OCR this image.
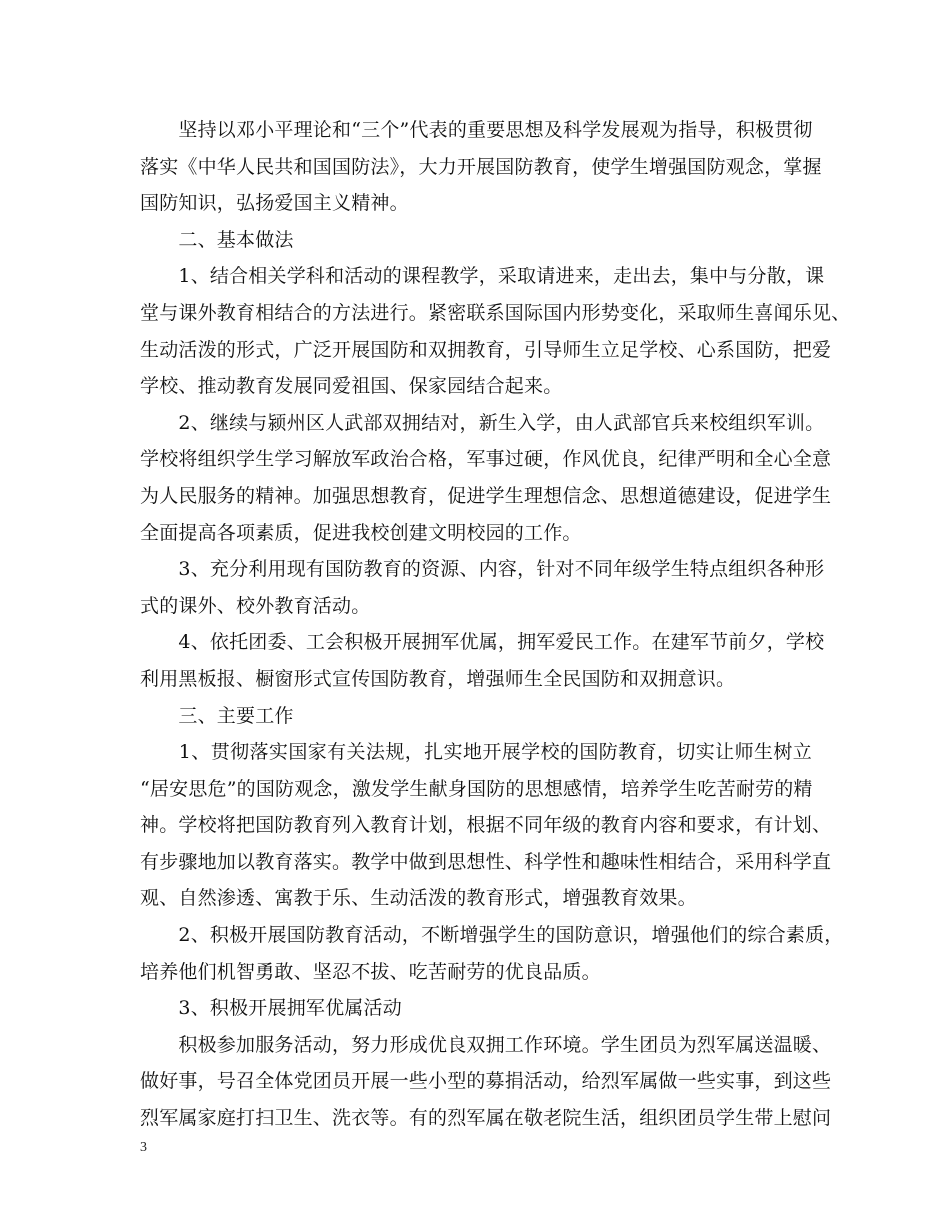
　　坚持以邓小平理论和“三个”代表的重要思想及科学发展观为指导，积极贯彻
落实《中华人民共和国国防法》，大力开展国防教育，使学生增强国防观念，掌握
国防知识，弘扬爱国主义精神。

　　二、基本做法

　　1、结合相关学科和活动的课程教学，采取请进来，走出去，集中与分散，课
堂与课外教育相结合的方法进行。紧密联系国际国内形势变化，采取师生喜闻乐见、
生动活泼的形式，广泛开展国防和双拥教育，引导师生立足学校、心系国防，把爱
学校、推动教育发展同爱祖国、保家园结合起来。

　　2、继续与颍州区人武部双拥结对，新生入学，由人武部官兵来校组织军训。
学校将组织学生学习解放军政治合格，军事过硬，作风优良，纪律严明和全心全意
为人民服务的精神。加强思想教育，促进学生理想信念、思想道德建设，促进学生
全面提高各项素质，促进我校创建文明校园的工作。

　　3、充分利用现有国防教育的资源、内容，针对不同年级学生特点组织各种形
式的课外、校外教育活动。

　　4、依托团委、工会积极开展拥军优属，拥军爱民工作。在建军节前夕，学校
利用黑板报、橱窗形式宣传国防教育，增强师生全民国防和双拥意识。

　　三、主要工作

　　1、贯彻落实国家有关法规，扎实地开展学校的国防教育，切实让师生树立
“居安思危”的国防观念，激发学生献身国防的思想感情，培养学生吃苦耐劳的精
神。学校将把国防教育列入教育计划，根据不同年级的教育内容和要求，有计划、
有步骤地加以教育落实。教学中做到思想性、科学性和趣味性相结合，采用科学直
观、自然渗透、寓教于乐、生动活泼的教育形式，增强教育效果。

　　2、积极开展国防教育活动，不断增强学生的国防意识，增强他们的综合素质，
培养他们机智勇敢、坚忍不拔、吃苦耐劳的优良品质。

　　3、积极开展拥军优属活动

　　积极参加服务活动，努力形成优良双拥工作环境。学生团员为烈军属送温暖、
做好事，号召全体党团员开展一些小型的募捐活动，给烈军属做一些实事，到这些
烈军属家庭打扫卫生、洗衣等。有的烈军属在敬老院生活，组织团员学生带上慰问

3
